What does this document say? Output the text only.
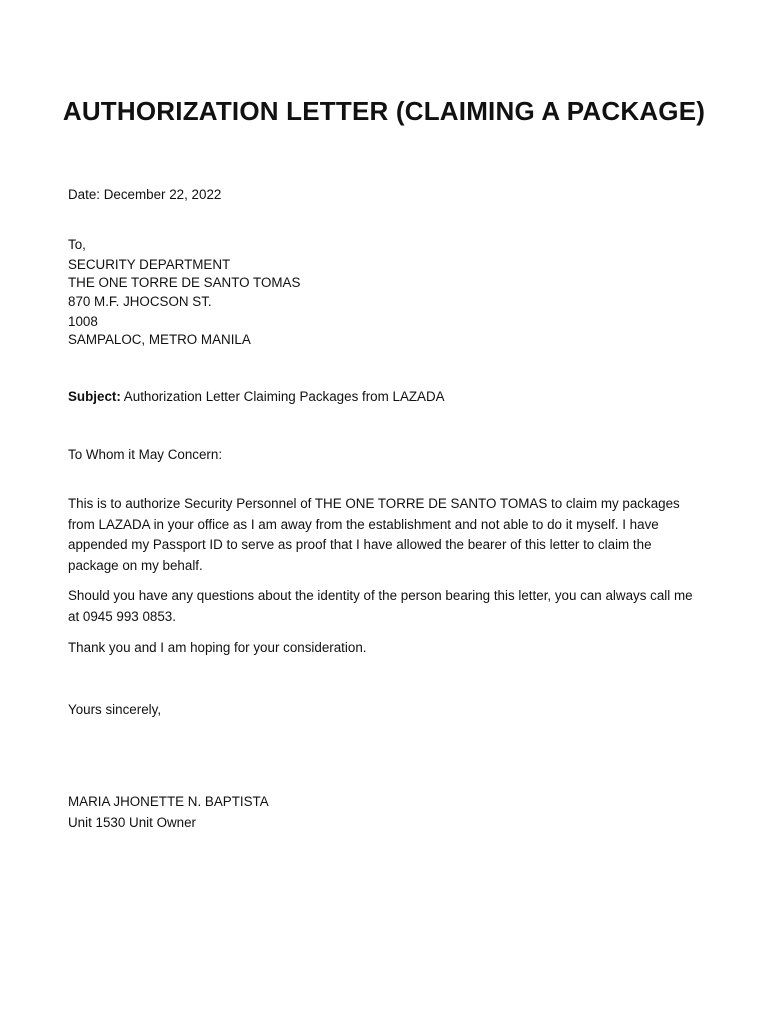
AUTHORIZATION LETTER (CLAIMING A PACKAGE)

Date: December 22, 2022

To,

SECURITY DEPARTMENT

THE ONE TORRE DE SANTO TOMAS

870 M.F. JHOCSON ST.

1008

SAMPALOC, METRO MANILA

Subject: Authorization Letter Claiming Packages from LAZADA

To Whom it May Concern:

This is to authorize Security Personnel of THE ONE TORRE DE SANTO TOMAS to claim my packages from LAZADA in your office as I am away from the establishment and not able to do it myself. I have appended my Passport ID to serve as proof that I have allowed the bearer of this letter to claim the package on my behalf.

Should you have any questions about the identity of the person bearing this letter, you can always call me at 0945 993 0853.

Thank you and I am hoping for your consideration.

Yours sincerely,

MARIA JHONETTE N. BAPTISTA

Unit 1530 Unit Owner
